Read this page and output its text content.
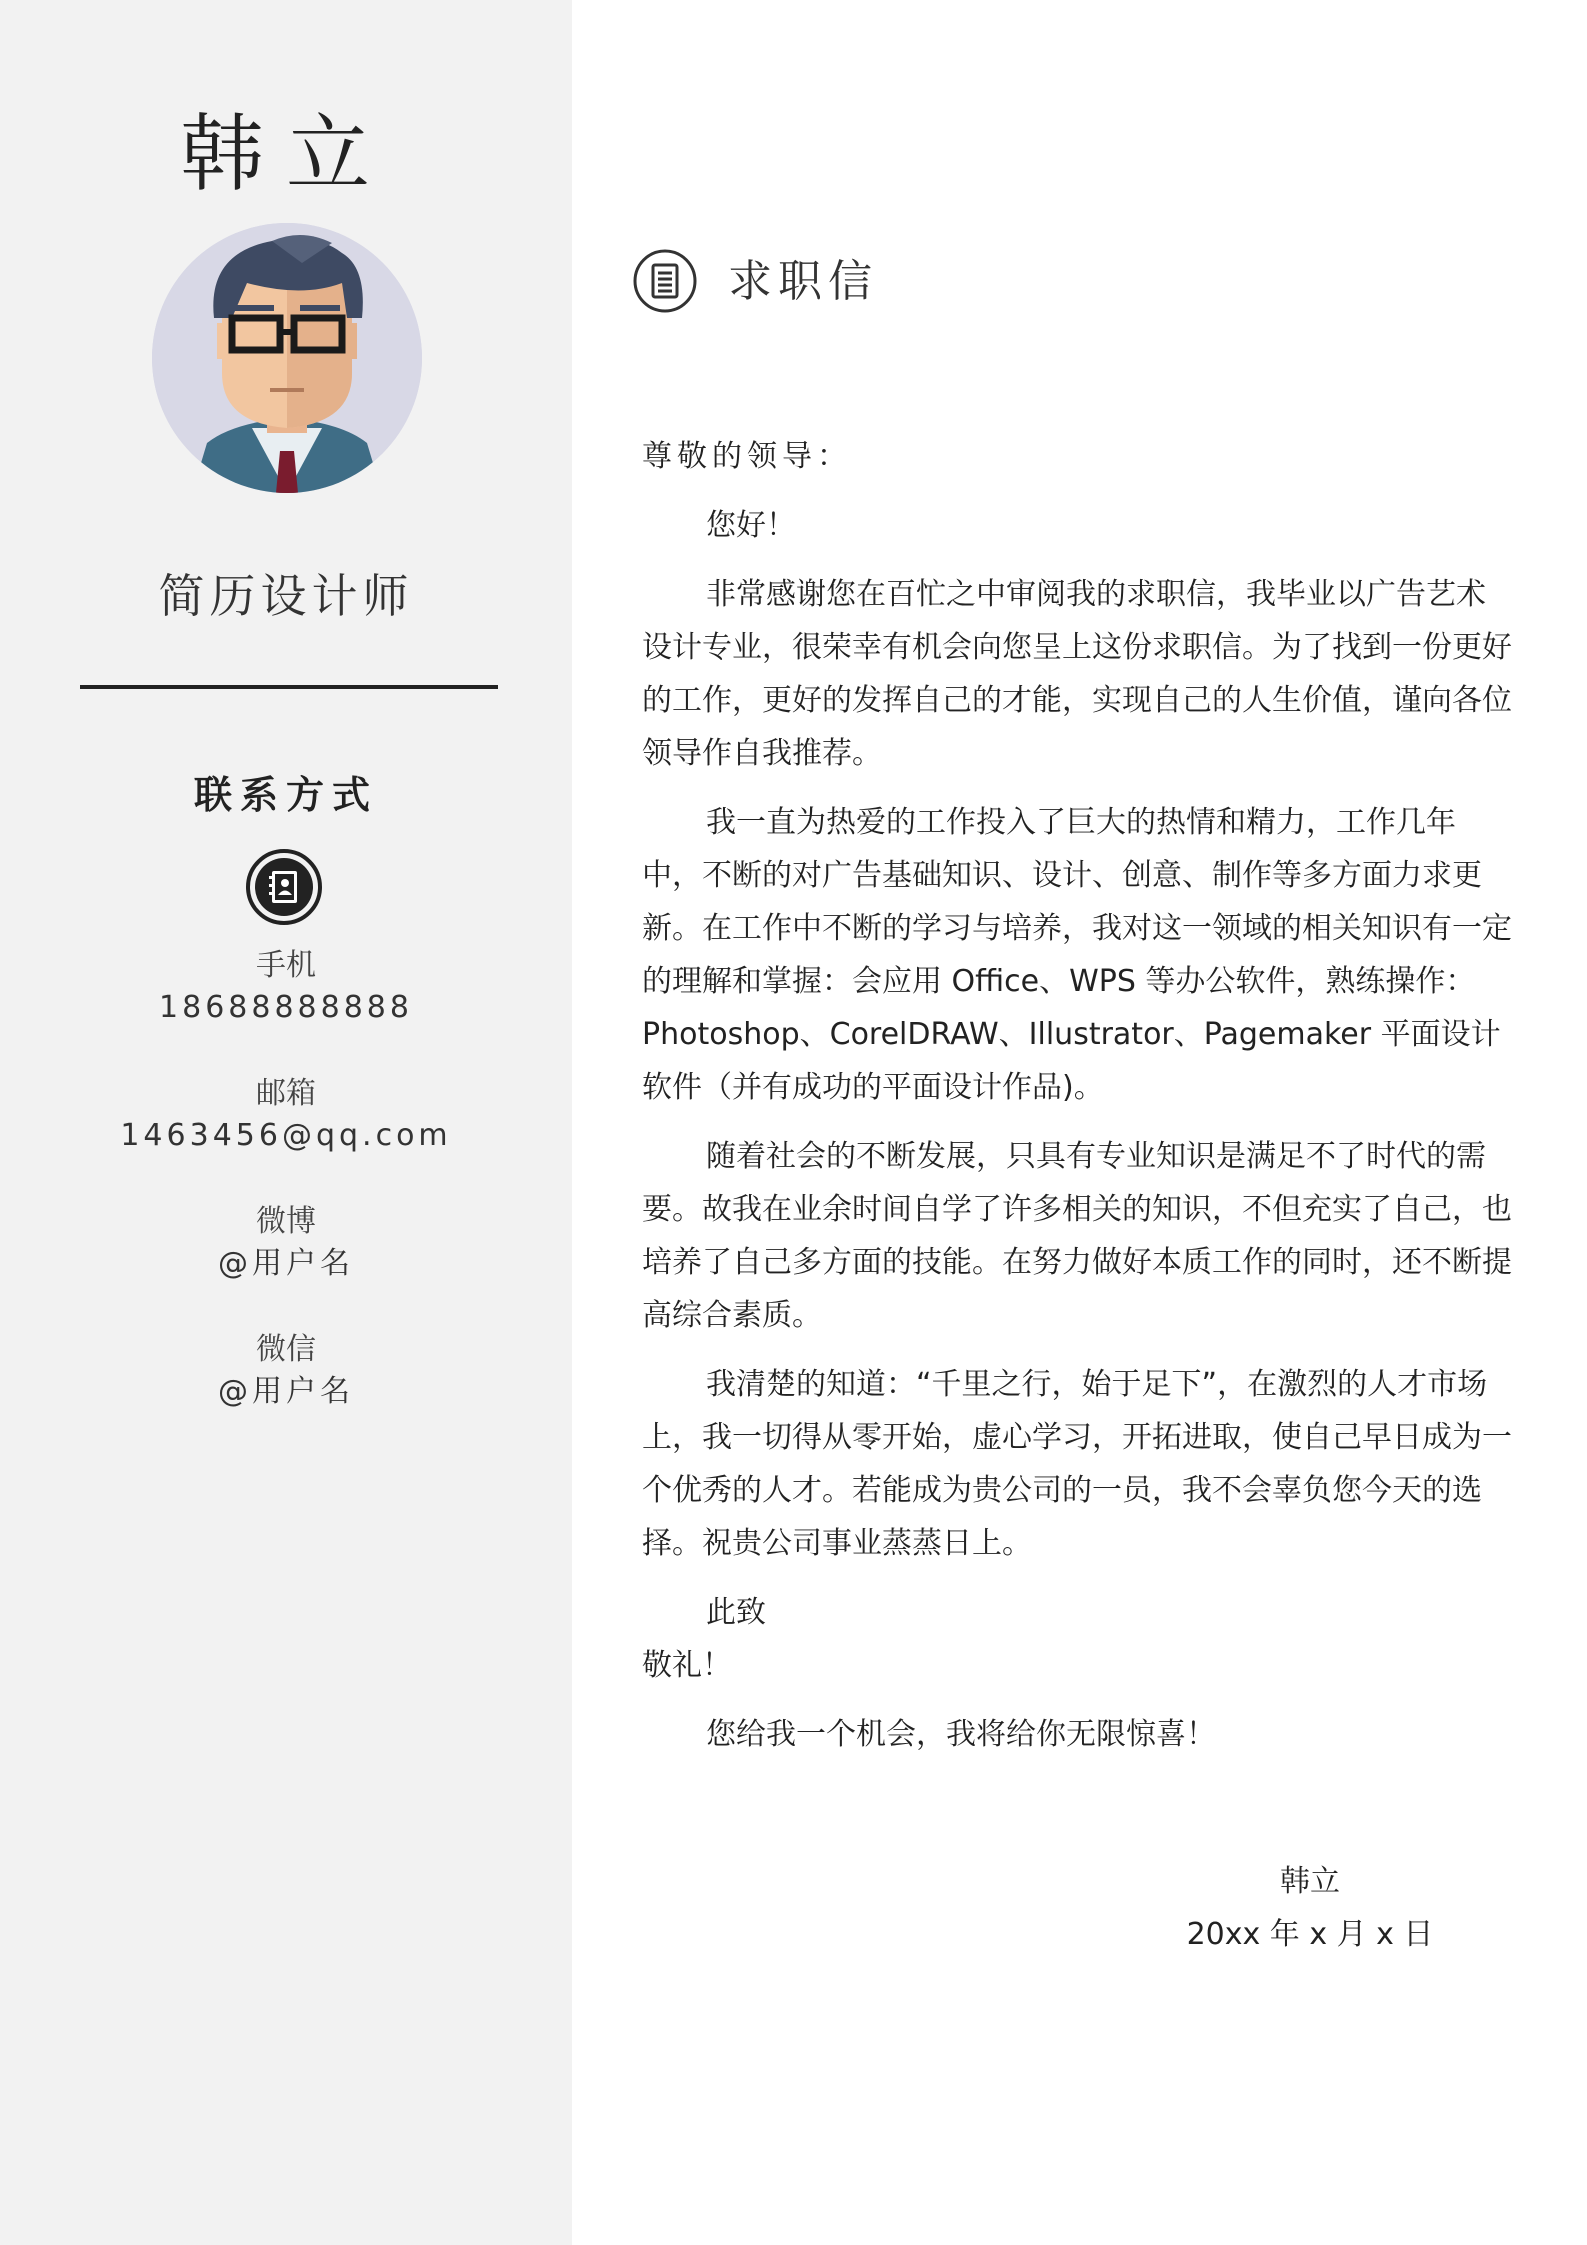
韩立
简历设计师
联系方式
手机
18688888888
邮箱
1463456@qq.com
微博
@用户名
微信
@用户名
求职信

尊敬的领导：

您好！

非常感谢您在百忙之中审阅我的求职信，我毕业以广告艺术设计专业，很荣幸有机会向您呈上这份求职信。为了找到一份更好的工作，更好的发挥自己的才能，实现自己的人生价值，谨向各位领导作自我推荐。

我一直为热爱的工作投入了巨大的热情和精力，工作几年中，不断的对广告基础知识、设计、创意、制作等多方面力求更新。在工作中不断的学习与培养，我对这一领域的相关知识有一定的理解和掌握：会应用 Office、WPS 等办公软件，熟练操作：Photoshop、CorelDRAW、Illustrator、Pagemaker 平面设计软件（并有成功的平面设计作品)。

随着社会的不断发展，只具有专业知识是满足不了时代的需要。故我在业余时间自学了许多相关的知识，不但充实了自己，也培养了自己多方面的技能。在努力做好本质工作的同时，还不断提高综合素质。

我清楚的知道：“千里之行，始于足下”，在激烈的人才市场上，我一切得从零开始，虚心学习，开拓进取，使自己早日成为一个优秀的人才。若能成为贵公司的一员，我不会辜负您今天的选择。祝贵公司事业蒸蒸日上。

此致

敬礼！

您给我一个机会，我将给你无限惊喜！

韩立
20xx 年 x 月 x 日
